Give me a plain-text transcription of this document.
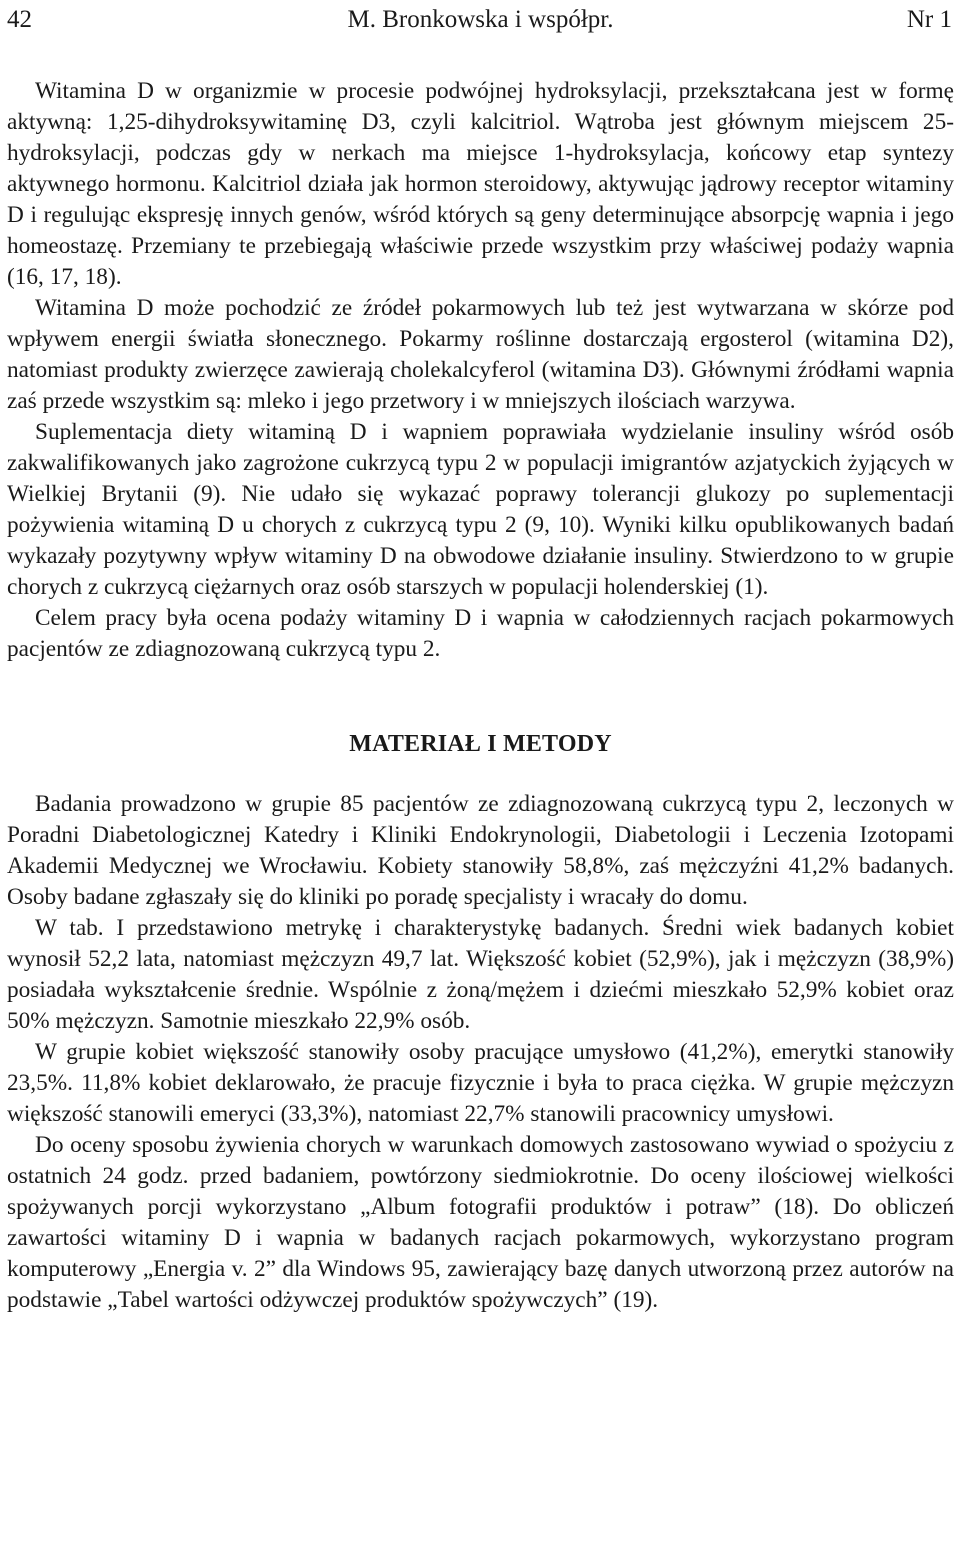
42	M. Bronkowska i współpr.	Nr 1

Witamina D w organizmie w procesie podwójnej hydroksylacji, przekształcana jest w formę aktywną: 1,25-dihydroksywitaminę D3, czyli kalcitriol. Wątroba jest głównym miejscem 25-hydroksylacji, podczas gdy w nerkach ma miejsce 1-hydroksylacja, końcowy etap syntezy aktywnego hormonu. Kalcitriol działa jak hormon steroidowy, aktywując jądrowy receptor witaminy D i regulując ekspresję innych genów, wśród których są geny determinujące absorpcję wapnia i jego homeostazę. Przemiany te przebiegają właściwie przede wszystkim przy właściwej podaży wapnia (16, 17, 18).

Witamina D może pochodzić ze źródeł pokarmowych lub też jest wytwarzana w skórze pod wpływem energii światła słonecznego. Pokarmy roślinne dostarczają ergosterol (witamina D2), natomiast produkty zwierzęce zawierają cholekalcyferol (witamina D3). Głównymi źródłami wapnia zaś przede wszystkim są: mleko i jego przetwory i w mniejszych ilościach warzywa.

Suplementacja diety witaminą D i wapniem poprawiała wydzielanie insuliny wśród osób zakwalifikowanych jako zagrożone cukrzycą typu 2 w populacji imigrantów azjatyckich żyjących w Wielkiej Brytanii (9). Nie udało się wykazać poprawy tolerancji glukozy po suplementacji pożywienia witaminą D u chorych z cukrzycą typu 2 (9, 10). Wyniki kilku opublikowanych badań wykazały pozytywny wpływ witaminy D na obwodowe działanie insuliny. Stwierdzono to w grupie chorych z cukrzycą ciężarnych oraz osób starszych w populacji holenderskiej (1).

Celem pracy była ocena podaży witaminy D i wapnia w całodziennych racjach pokarmowych pacjentów ze zdiagnozowaną cukrzycą typu 2.

MATERIAŁ I METODY

Badania prowadzono w grupie 85 pacjentów ze zdiagnozowaną cukrzycą typu 2, leczonych w Poradni Diabetologicznej Katedry i Kliniki Endokrynologii, Diabetologii i Leczenia Izotopami Akademii Medycznej we Wrocławiu. Kobiety stanowiły 58,8%, zaś mężczyźni 41,2% badanych. Osoby badane zgłaszały się do kliniki po poradę specjalisty i wracały do domu.

W tab. I przedstawiono metrykę i charakterystykę badanych. Średni wiek badanych kobiet wynosił 52,2 lata, natomiast mężczyzn 49,7 lat. Większość kobiet (52,9%), jak i mężczyzn (38,9%) posiadała wykształcenie średnie. Wspólnie z żoną/mężem i dziećmi mieszkało 52,9% kobiet oraz 50% mężczyzn. Samotnie mieszkało 22,9% osób.

W grupie kobiet większość stanowiły osoby pracujące umysłowo (41,2%), emerytki stanowiły 23,5%. 11,8% kobiet deklarowało, że pracuje fizycznie i była to praca ciężka. W grupie mężczyzn większość stanowili emeryci (33,3%), natomiast 22,7% stanowili pracownicy umysłowi.

Do oceny sposobu żywienia chorych w warunkach domowych zastosowano wywiad o spożyciu z ostatnich 24 godz. przed badaniem, powtórzony siedmiokrotnie. Do oceny ilościowej wielkości spożywanych porcji wykorzystano „Album fotografii produktów i potraw” (18). Do obliczeń zawartości witaminy D i wapnia w badanych racjach pokarmowych, wykorzystano program komputerowy „Energia v. 2” dla Windows 95, zawierający bazę danych utworzoną przez autorów na podstawie „Tabel wartości odżywczej produktów spożywczych” (19).
